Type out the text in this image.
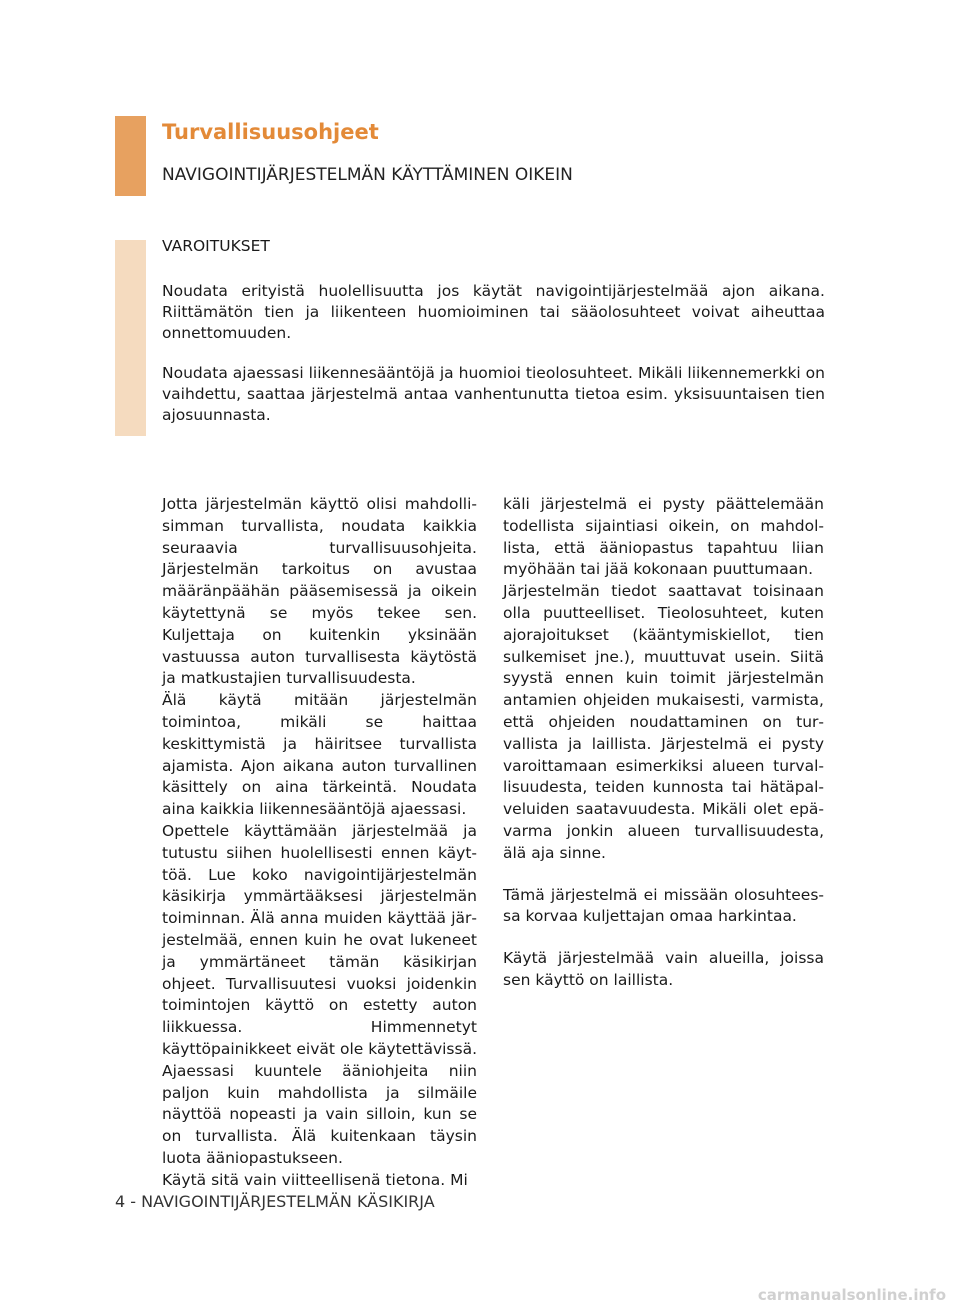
Turvallisuusohjeet
NAVIGOINTIJÄRJESTELMÄN KÄYTTÄMINEN OIKEIN

VAROITUKSET

Noudata erityistä huolellisuutta jos käytät navigointijärjestelmää ajon aikana. Riittämätön tien ja liikenteen huomioiminen tai sääolosuhteet voivat aiheuttaa onnettomuuden.

Noudata ajaessasi liikennesääntöjä ja huomioi tieolosuhteet. Mikäli liikennemerkki on vaihdettu, saattaa järjestelmä antaa vanhentunutta tietoa esim. yksisuuntaisen tien ajosuunnasta.

Jotta järjestelmän käyttö olisi mahdollisimman turvallista, noudata kaikkia seuraavia turvallisuusohjeita. Järjestelmän tarkoitus on avustaa määränpäähän pääsemisessä ja oikein käytettynä se myös tekee sen. Kuljettaja on kuitenkin yksinään vastuussa auton turvallisesta käytöstä ja matkustajien turvallisuudesta.

Älä käytä mitään järjestelmän toimintoa, mikäli se haittaa keskittymistä ja häiritsee turvallista ajamista. Ajon aikana auton turvallinen käsittely on aina tärkeintä. Noudata aina kaikkia liikennesääntöjä ajaessasi.

Opettele käyttämään järjestelmää ja tutustu siihen huolellisesti ennen käyttöä. Lue koko navigointijärjestelmän käsikirja ymmärtääksesi järjestelmän toiminnan. Älä anna muiden käyttää järjestelmää, ennen kuin he ovat lukeneet ja ymmärtäneet tämän käsikirjan ohjeet. Turvallisuutesi vuoksi joidenkin toimintojen käyttö on estetty auton liikkuessa. Himmennetyt käyttöpainikkeet eivät ole käytettävissä. Ajaessasi kuuntele ääniohjeita niin paljon kuin mahdollista ja silmäile näyttöä nopeasti ja vain silloin, kun se on turvallista. Älä kuitenkaan täysin luota ääniopastukseen.

Käytä sitä vain viitteellisenä tietona. Mi

käli järjestelmä ei pysty päättelemään todellista sijaintiasi oikein, on mahdollista, että ääniopastus tapahtuu liian myöhään tai jää kokonaan puuttumaan.

Järjestelmän tiedot saattavat toisinaan olla puutteelliset. Tieolosuhteet, kuten ajorajoitukset (kääntymiskiellot, tien sulkemiset jne.), muuttuvat usein. Siitä syystä ennen kuin toimit järjestelmän antamien ohjeiden mukaisesti, varmista, että ohjeiden noudattaminen on turvallista ja laillista. Järjestelmä ei pysty varoittamaan esimerkiksi alueen turvallisuudesta, teiden kunnosta tai hätäpalveluiden saatavuudesta. Mikäli olet epävarma jonkin alueen turvallisuudesta, älä aja sinne.

Tämä järjestelmä ei missään olosuhteessa korvaa kuljettajan omaa harkintaa.

Käytä järjestelmää vain alueilla, joissa sen käyttö on laillista.

4 - NAVIGOINTIJÄRJESTELMÄN KÄSIKIRJA

carmanualsonline.info
